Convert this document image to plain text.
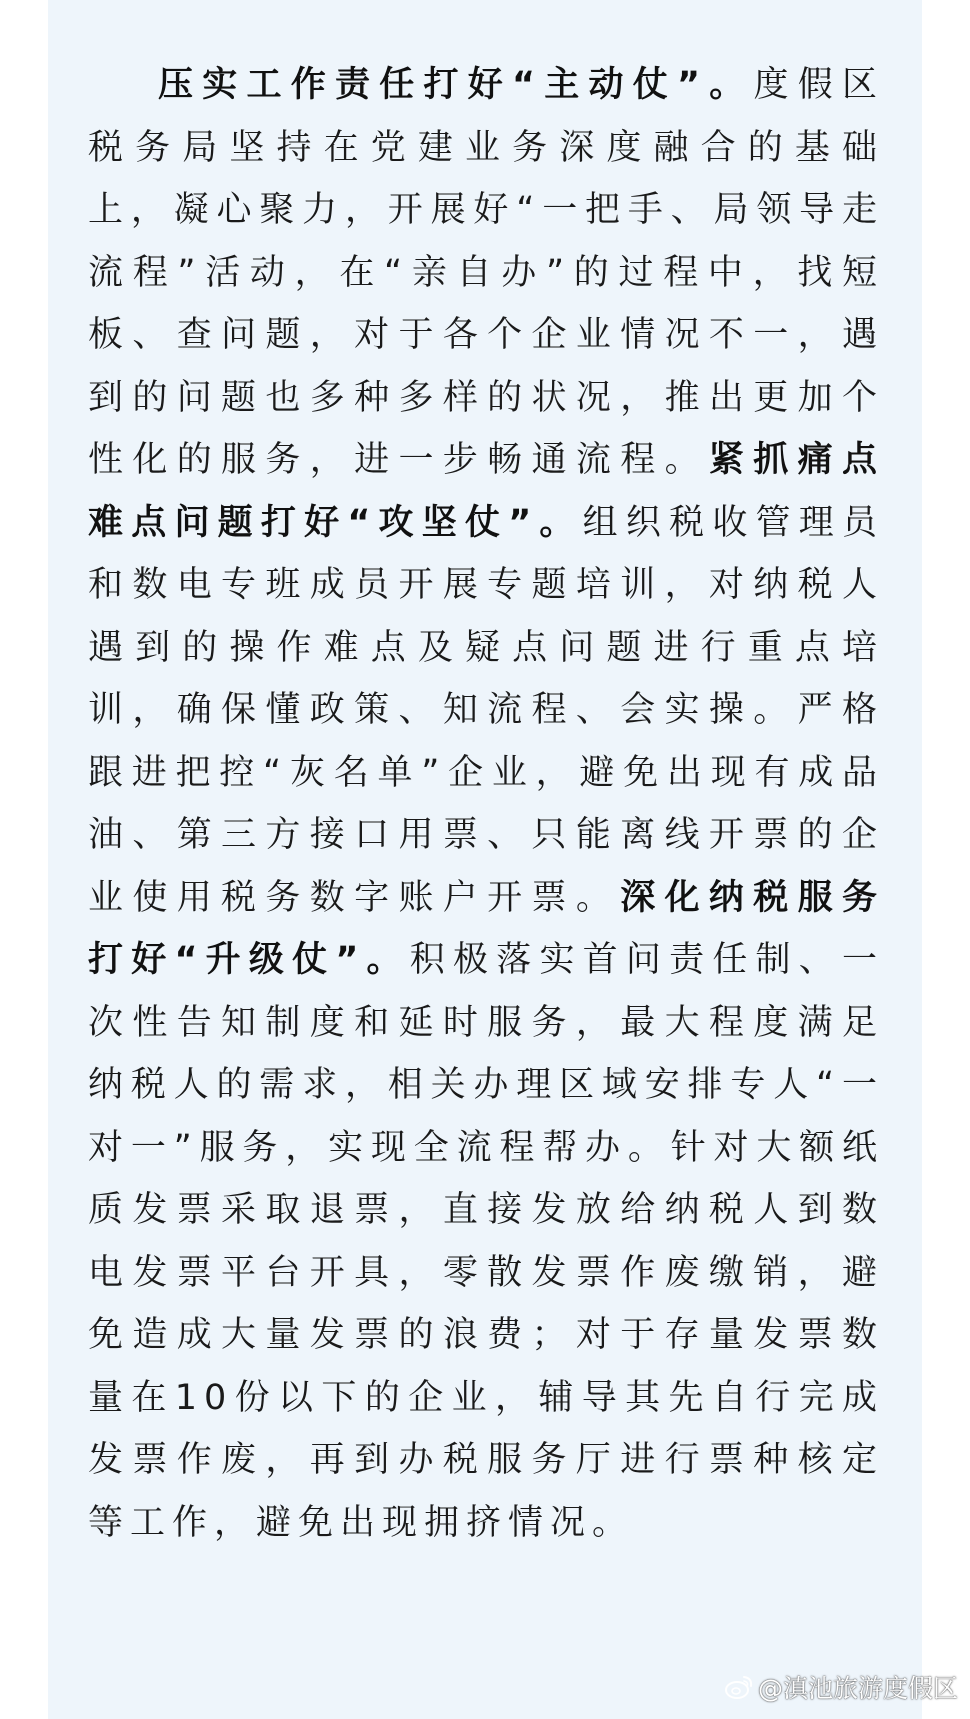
压实工作责任打好“主动仗”。度假区税务局坚持在党建业务深度融合的基础上，凝心聚力，开展好“一把手、局领导走流程”活动，在“亲自办”的过程中，找短板、查问题，对于各个企业情况不一，遇到的问题也多种多样的状况，推出更加个性化的服务，进一步畅通流程。紧抓痛点难点问题打好“攻坚仗”。组织税收管理员和数电专班成员开展专题培训，对纳税人遇到的操作难点及疑点问题进行重点培训，确保懂政策、知流程、会实操。严格跟进把控“灰名单”企业，避免出现有成品油、第三方接口用票、只能离线开票的企业使用税务数字账户开票。深化纳税服务打好“升级仗”。积极落实首问责任制、一次性告知制度和延时服务，最大程度满足纳税人的需求，相关办理区域安排专人“一对一”服务，实现全流程帮办。针对大额纸质发票采取退票，直接发放给纳税人到数电发票平台开具，零散发票作废缴销，避免造成大量发票的浪费；对于存量发票数量在10份以下的企业，辅导其先自行完成发票作废，再到办税服务厅进行票种核定等工作，避免出现拥挤情况。

@滇池旅游度假区
